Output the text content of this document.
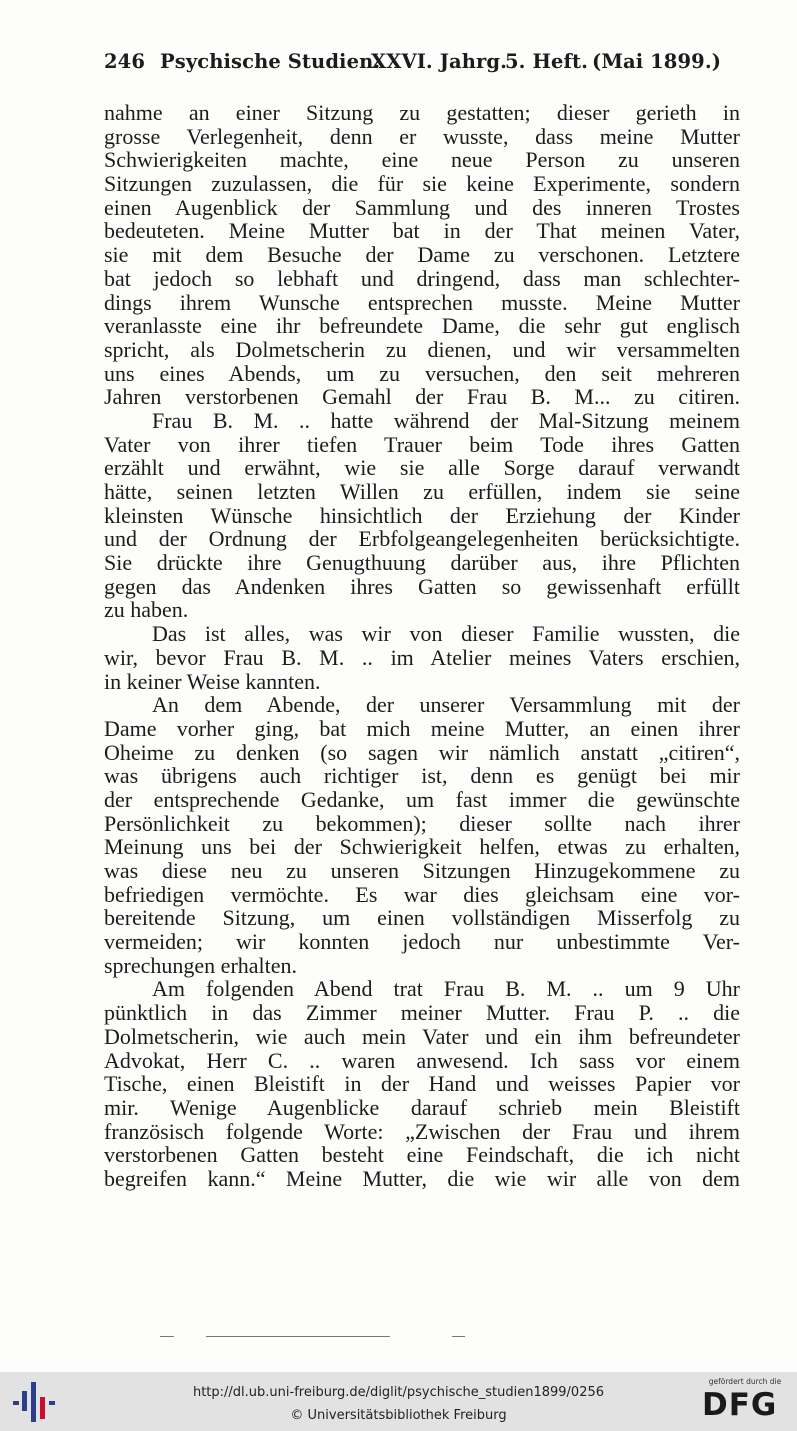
246

Psychische Studien.

XXVI. Jahrg.

5. Heft.

(Mai 1899.)

nahme an einer Sitzung zu gestatten; dieser gerieth in
grosse Verlegenheit, denn er wusste, dass meine Mutter
Schwierigkeiten machte, eine neue Person zu unseren
Sitzungen zuzulassen, die für sie keine Experimente, sondern
einen Augenblick der Sammlung und des inneren Trostes
bedeuteten. Meine Mutter bat in der That meinen Vater,
sie mit dem Besuche der Dame zu verschonen. Letztere
bat jedoch so lebhaft und dringend, dass man schlechter-
dings ihrem Wunsche entsprechen musste. Meine Mutter
veranlasste eine ihr befreundete Dame, die sehr gut englisch
spricht, als Dolmetscherin zu dienen, und wir versammelten
uns eines Abends, um zu versuchen, den seit mehreren
Jahren verstorbenen Gemahl der Frau B. M... zu citiren.
Frau B. M. .. hatte während der Mal-Sitzung meinem
Vater von ihrer tiefen Trauer beim Tode ihres Gatten
erzählt und erwähnt, wie sie alle Sorge darauf verwandt
hätte, seinen letzten Willen zu erfüllen, indem sie seine
kleinsten Wünsche hinsichtlich der Erziehung der Kinder
und der Ordnung der Erbfolgeangelegenheiten berücksichtigte.
Sie drückte ihre Genugthuung darüber aus, ihre Pflichten
gegen das Andenken ihres Gatten so gewissenhaft erfüllt
zu haben.
Das ist alles, was wir von dieser Familie wussten, die
wir, bevor Frau B. M. .. im Atelier meines Vaters erschien,
in keiner Weise kannten.
An dem Abende, der unserer Versammlung mit der
Dame vorher ging, bat mich meine Mutter, an einen ihrer
Oheime zu denken (so sagen wir nämlich anstatt „citiren“,
was übrigens auch richtiger ist, denn es genügt bei mir
der entsprechende Gedanke, um fast immer die gewünschte
Persönlichkeit zu bekommen); dieser sollte nach ihrer
Meinung uns bei der Schwierigkeit helfen, etwas zu erhalten,
was diese neu zu unseren Sitzungen Hinzugekommene zu
befriedigen vermöchte. Es war dies gleichsam eine vor-
bereitende Sitzung, um einen vollständigen Misserfolg zu
vermeiden; wir konnten jedoch nur unbestimmte Ver-
sprechungen erhalten.
Am folgenden Abend trat Frau B. M. .. um 9 Uhr
pünktlich in das Zimmer meiner Mutter. Frau P. .. die
Dolmetscherin, wie auch mein Vater und ein ihm befreundeter
Advokat, Herr C. .. waren anwesend. Ich sass vor einem
Tische, einen Bleistift in der Hand und weisses Papier vor
mir. Wenige Augenblicke darauf schrieb mein Bleistift
französisch folgende Worte: „Zwischen der Frau und ihrem
verstorbenen Gatten besteht eine Feindschaft, die ich nicht
begreifen kann.“ Meine Mutter, die wie wir alle von dem
http://dl.ub.uni-freiburg.de/diglit/psychische_studien1899/0256
© Universitätsbibliothek Freiburg
gefördert durch die
DFG
